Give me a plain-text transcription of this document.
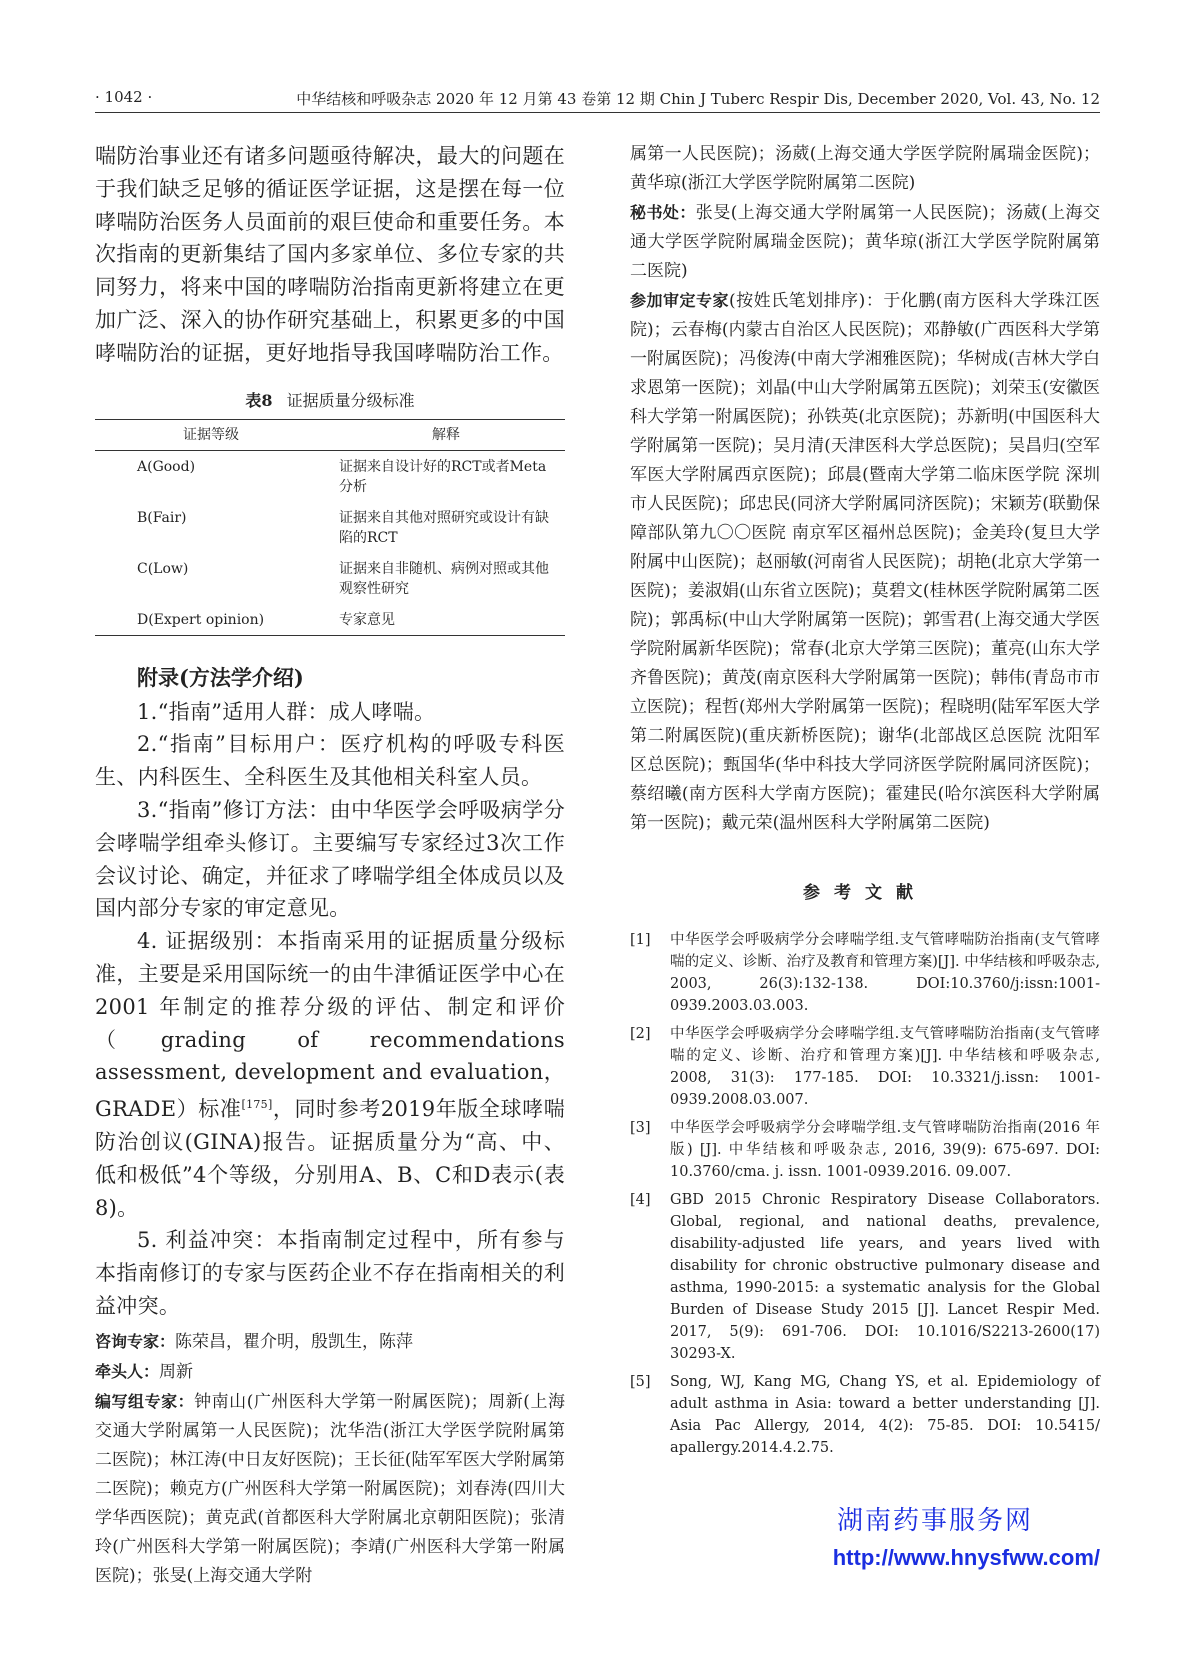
· 1042 ·	中华结核和呼吸杂志 2020 年 12 月第 43 卷第 12 期 Chin J Tuberc Respir Dis, December 2020, Vol. 43, No. 12

喘防治事业还有诸多问题亟待解决，最大的问题在于我们缺乏足够的循证医学证据，这是摆在每一位哮喘防治医务人员面前的艰巨使命和重要任务。本次指南的更新集结了国内多家单位、多位专家的共同努力，将来中国的哮喘防治指南更新将建立在更加广泛、深入的协作研究基础上，积累更多的中国哮喘防治的证据，更好地指导我国哮喘防治工作。

表8 证据质量分级标准
证据等级	解释
A(Good)	证据来自设计好的RCT或者Meta分析
B(Fair)	证据来自其他对照研究或设计有缺陷的RCT
C(Low)	证据来自非随机、病例对照或其他观察性研究
D(Expert opinion)	专家意见
附录(方法学介绍)

1.“指南”适用人群：成人哮喘。

2.“指南”目标用户：医疗机构的呼吸专科医生、内科医生、全科医生及其他相关科室人员。

3.“指南”修订方法：由中华医学会呼吸病学分会哮喘学组牵头修订。主要编写专家经过3次工作会议讨论、确定，并征求了哮喘学组全体成员以及国内部分专家的审定意见。

4. 证据级别：本指南采用的证据质量分级标准，主要是采用国际统一的由牛津循证医学中心在2001 年制定的推荐分级的评估、制定和评价（grading of recommendations assessment, development and evaluation，GRADE）标准[175]，同时参考2019年版全球哮喘防治创议(GINA)报告。证据质量分为“高、中、低和极低”4个等级，分别用A、B、C和D表示(表8)。

5. 利益冲突：本指南制定过程中，所有参与本指南修订的专家与医药企业不存在指南相关的利益冲突。

咨询专家：陈荣昌，瞿介明，殷凯生，陈萍

牵头人：周新

编写组专家：钟南山(广州医科大学第一附属医院)；周新(上海交通大学附属第一人民医院)；沈华浩(浙江大学医学院附属第二医院)；林江涛(中日友好医院)；王长征(陆军军医大学附属第二医院)；赖克方(广州医科大学第一附属医院)；刘春涛(四川大学华西医院)；黄克武(首都医科大学附属北京朝阳医院)；张清玲(广州医科大学第一附属医院)；李靖(广州医科大学第一附属医院)；张旻(上海交通大学附

属第一人民医院)；汤葳(上海交通大学医学院附属瑞金医院)；黄华琼(浙江大学医学院附属第二医院)

秘书处：张旻(上海交通大学附属第一人民医院)；汤葳(上海交通大学医学院附属瑞金医院)；黄华琼(浙江大学医学院附属第二医院)

参加审定专家(按姓氏笔划排序)：于化鹏(南方医科大学珠江医院)；云春梅(内蒙古自治区人民医院)；邓静敏(广西医科大学第一附属医院)；冯俊涛(中南大学湘雅医院)；华树成(吉林大学白求恩第一医院)；刘晶(中山大学附属第五医院)；刘荣玉(安徽医科大学第一附属医院)；孙铁英(北京医院)；苏新明(中国医科大学附属第一医院)；吴月清(天津医科大学总医院)；吴昌归(空军军医大学附属西京医院)；邱晨(暨南大学第二临床医学院 深圳市人民医院)；邱忠民(同济大学附属同济医院)；宋颖芳(联勤保障部队第九〇〇医院 南京军区福州总医院)；金美玲(复旦大学附属中山医院)；赵丽敏(河南省人民医院)；胡艳(北京大学第一医院)；姜淑娟(山东省立医院)；莫碧文(桂林医学院附属第二医院)；郭禹标(中山大学附属第一医院)；郭雪君(上海交通大学医学院附属新华医院)；常春(北京大学第三医院)；董亮(山东大学齐鲁医院)；黄茂(南京医科大学附属第一医院)；韩伟(青岛市市立医院)；程哲(郑州大学附属第一医院)；程晓明(陆军军医大学第二附属医院)(重庆新桥医院)；谢华(北部战区总医院 沈阳军区总医院)；甄国华(华中科技大学同济医学院附属同济医院)；蔡绍曦(南方医科大学南方医院)；霍建民(哈尔滨医科大学附属第一医院)；戴元荣(温州医科大学附属第二医院)

参考文献
[1]	中华医学会呼吸病学分会哮喘学组.支气管哮喘防治指南(支气管哮喘的定义、诊断、治疗及教育和管理方案)[J]. 中华结核和呼吸杂志, 2003, 26(3):132-138. DOI:10.3760/j:issn:1001-0939.2003.03.003.
[2]	中华医学会呼吸病学分会哮喘学组.支气管哮喘防治指南(支气管哮喘的定义、诊断、治疗和管理方案)[J]. 中华结核和呼吸杂志, 2008, 31(3): 177-185. DOI: 10.3321/j.issn: 1001-0939.2008.03.007.
[3]	中华医学会呼吸病学分会哮喘学组.支气管哮喘防治指南(2016 年版) [J]. 中华结核和呼吸杂志, 2016, 39(9): 675-697. DOI: 10.3760/cma. j. issn. 1001-0939.2016. 09.007.
[4]	GBD 2015 Chronic Respiratory Disease Collaborators. Global, regional, and national deaths, prevalence, disability-adjusted life years, and years lived with disability for chronic obstructive pulmonary disease and asthma, 1990-2015: a systematic analysis for the Global Burden of Disease Study 2015 [J]. Lancet Respir Med. 2017, 5(9): 691-706. DOI: 10.1016/S2213-2600(17) 30293-X.
[5]	Song, WJ, Kang MG, Chang YS, et al. Epidemiology of adult asthma in Asia: toward a better understanding [J]. Asia Pac Allergy, 2014, 4(2): 75-85. DOI: 10.5415/ apallergy.2014.4.2.75.
湖南药事服务网
http://www.hnysfww.com/
